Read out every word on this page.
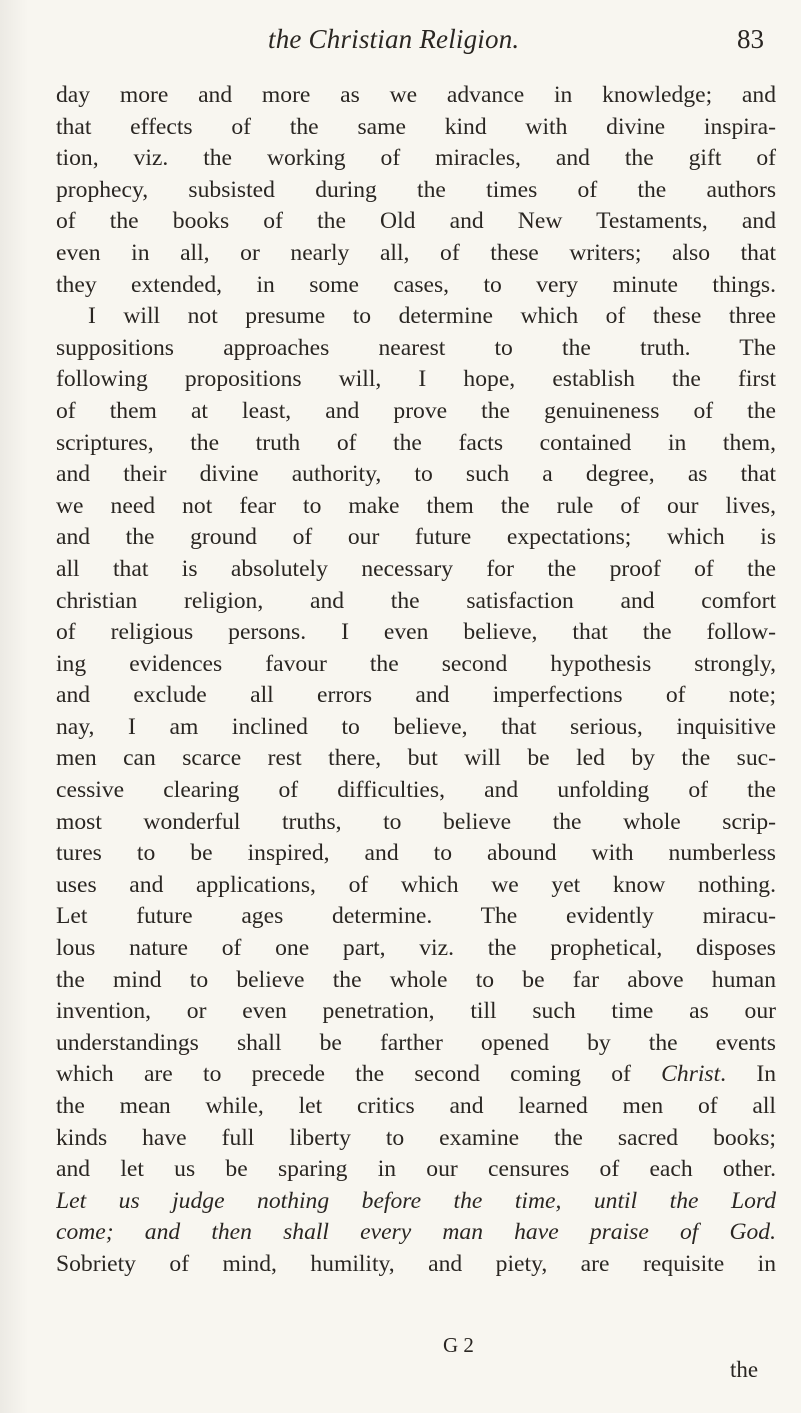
the Christian Religion.	83
day more and more as we advance in knowledge; and
that effects of the same kind with divine inspira-
tion, viz. the working of miracles, and the gift of
prophecy, subsisted during the times of the authors
of the books of the Old and New Testaments, and
even in all, or nearly all, of these writers; also that
they extended, in some cases, to very minute things.
I will not presume to determine which of these three
suppositions approaches nearest to the truth. The
following propositions will, I hope, establish the first
of them at least, and prove the genuineness of the
scriptures, the truth of the facts contained in them,
and their divine authority, to such a degree, as that
we need not fear to make them the rule of our lives,
and the ground of our future expectations; which is
all that is absolutely necessary for the proof of the
christian religion, and the satisfaction and comfort
of religious persons. I even believe, that the follow-
ing evidences favour the second hypothesis strongly,
and exclude all errors and imperfections of note;
nay, I am inclined to believe, that serious, inquisitive
men can scarce rest there, but will be led by the suc-
cessive clearing of difficulties, and unfolding of the
most wonderful truths, to believe the whole scrip-
tures to be inspired, and to abound with numberless
uses and applications, of which we yet know nothing.
Let future ages determine. The evidently miracu-
lous nature of one part, viz. the prophetical, disposes
the mind to believe the whole to be far above human
invention, or even penetration, till such time as our
understandings shall be farther opened by the events
which are to precede the second coming of Christ. In
the mean while, let critics and learned men of all
kinds have full liberty to examine the sacred books;
and let us be sparing in our censures of each other.
Let us judge nothing before the time, until the Lord
come; and then shall every man have praise of God.
Sobriety of mind, humility, and piety, are requisite in
G 2
the
